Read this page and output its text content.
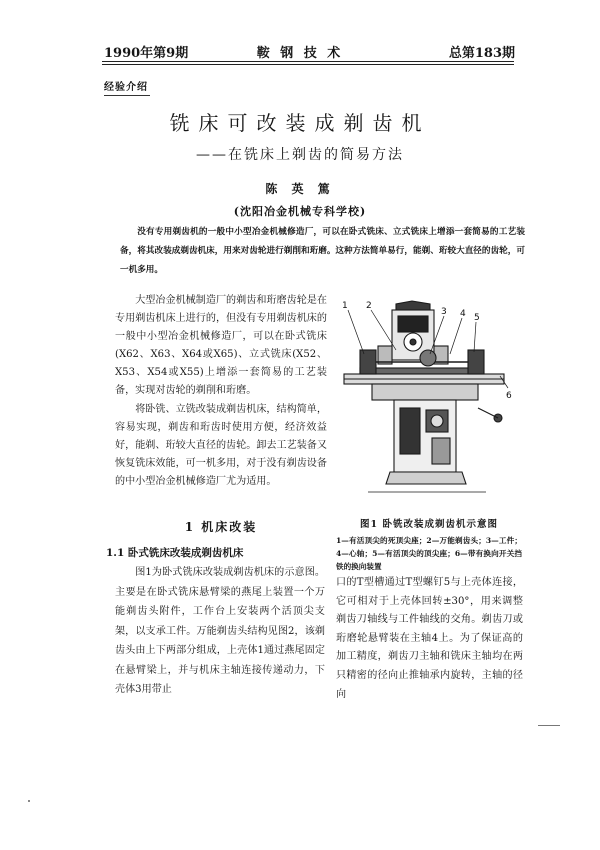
1990年第9期	鞍 钢 技 术	总第183期
经验介绍
铣床可改装成剃齿机
——在铣床上剃齿的简易方法
陈 英 篤
(沈阳冶金机械专科学校)
没有专用剃齿机的一般中小型冶金机械修造厂，可以在卧式铣床、立式铣床上增添一套简易的工艺装备，将其改装成剃齿机床，用来对齿轮进行剃削和珩磨。这种方法简单易行，能剃、珩较大直径的齿轮，可一机多用。

大型冶金机械制造厂的剃齿和珩磨齿轮是在专用剃齿机床上进行的，但没有专用剃齿机床的一般中小型冶金机械修造厂，可以在卧式铣床(X62、X63、X64或X65)、立式铣床(X52、X53、X54或X55)上增添一套简易的工艺装备，实现对齿轮的剃削和珩磨。

将卧铣、立铣改装成剃齿机床，结构简单，容易实现，剃齿和珩齿时使用方便，经济效益好，能剃、珩较大直径的齿轮。卸去工艺装备又恢复铣床效能，可一机多用，对于没有剃齿设备的中小型冶金机械修造厂尤为适用。

1 机床改装
1.1 卧式铣床改装成剃齿机床
图1为卧式铣床改装成剃齿机床的示意图。主要是在卧式铣床悬臂梁的燕尾上装置一个万能剃齿头附件，工作台上安装两个活顶尖支架，以支承工件。万能剃齿头结构见图2，该剃齿头由上下两部分组成，上壳体1通过燕尾固定在悬臂梁上，并与机床主轴连接传递动力，下壳体3用带止
1 2
3 4 5
6
图1 卧铣改装成剃齿机示意图
1—有活顶尖的死顶尖座；2—万能剃齿头；3—工件；4—心轴；5—有活顶尖的顶尖座；6—带有换向开关挡铁的换向装置
口的T型槽通过T型螺钉5与上壳体连接，它可相对于上壳体回转±30°，用来调整剃齿刀轴线与工件轴线的交角。剃齿刀或珩磨轮悬臂装在主轴4上。为了保证高的加工精度，剃齿刀主轴和铣床主轴均在两只精密的径向止推轴承内旋转，主轴的径向
